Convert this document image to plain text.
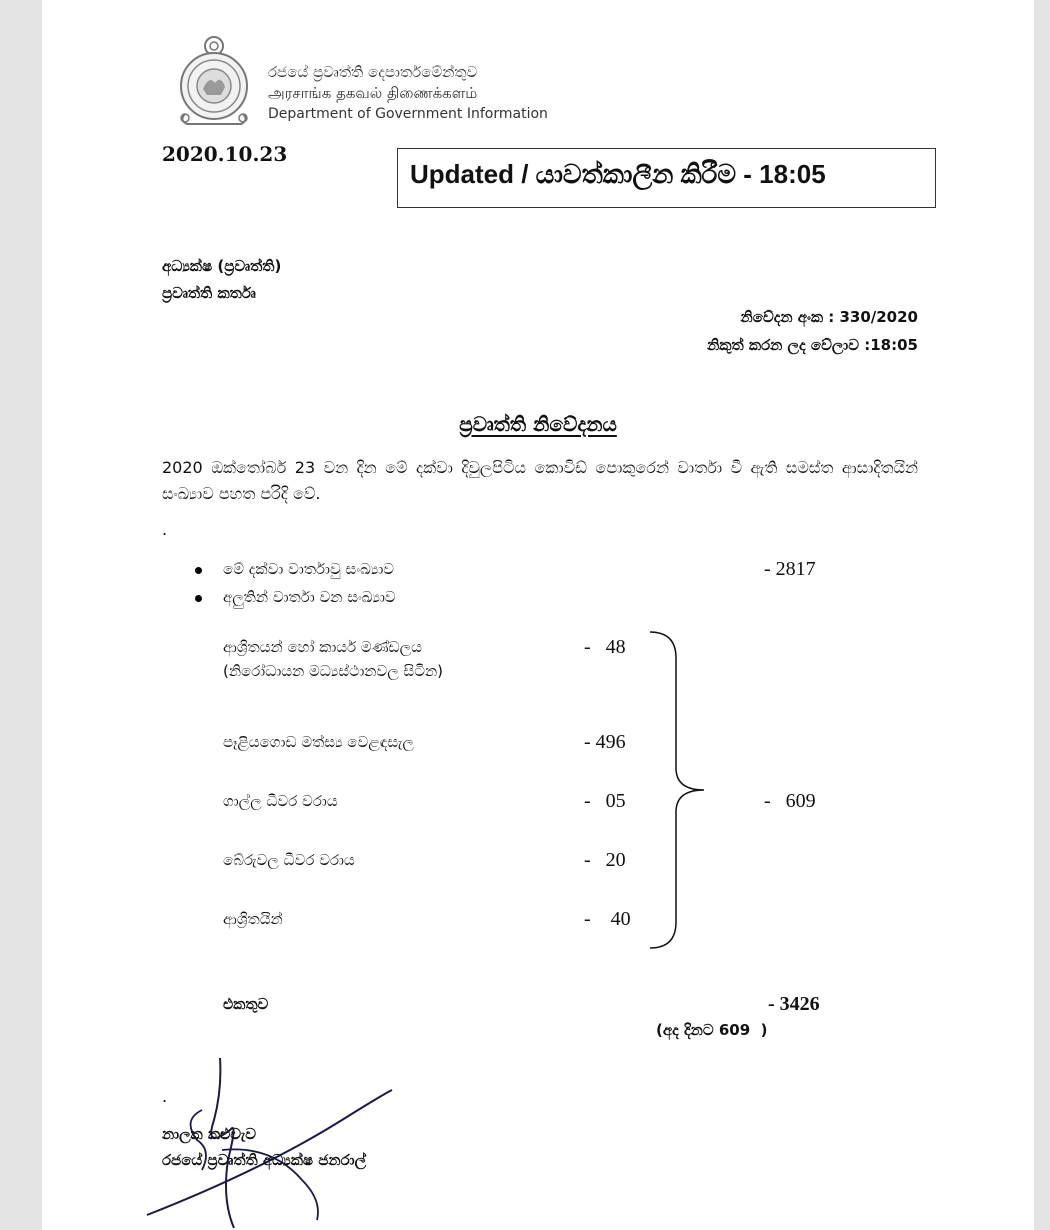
රජයේ ප්‍රවෘත්ති දෙපාර්තමේන්තුව
அரசாங்க தகவல் திணைக்களம்
Department of Government Information
2020.10.23
Updated / යාවත්කාලීන කිරීම - 18:05
අධ්‍යක්ෂ (ප්‍රවෘත්ති)
ප්‍රවෘත්ති කර්තෘ
නිවේදන අංක : 330/2020
නිකුත් කරන ලද වේලාව :18:05
ප්‍රවෘත්ති නිවේදනය
2020 ඔක්තෝබර් 23 වන දින මේ දක්වා දිවුලපිටිය කොවිඩ් පොකුරෙන් වාර්තා වී ඇති සමස්ත ආසාදිතයින් සංඛ්‍යාව පහත පරිදි වේ.
.
මේ දක්වා වාර්තාවු සංඛ්‍යාව	- 2817
අලුතින් වාර්තා වන සංඛ්‍යාව
ආශ්‍රිතයන් හෝ කාර්ය මණ්ඩලය
(නිරෝධායන මධ්‍යස්ථානවල සිටින)
-   48
පෑළියගොඩ මත්ස්‍ය වෙළඳසැල	- 496
ගාල්ල ධීවර වරාය	-   05
බේරුවල ධීවර වරාය	-   20
ආශ්‍රිතයින්	-    40
-   609
එකතුව	- 3426
(අද දිනට 609  )
.
නාලක කළුවැව
රජයේ ප්‍රවෘත්ති අධ්‍යක්ෂ ජනරාල්
